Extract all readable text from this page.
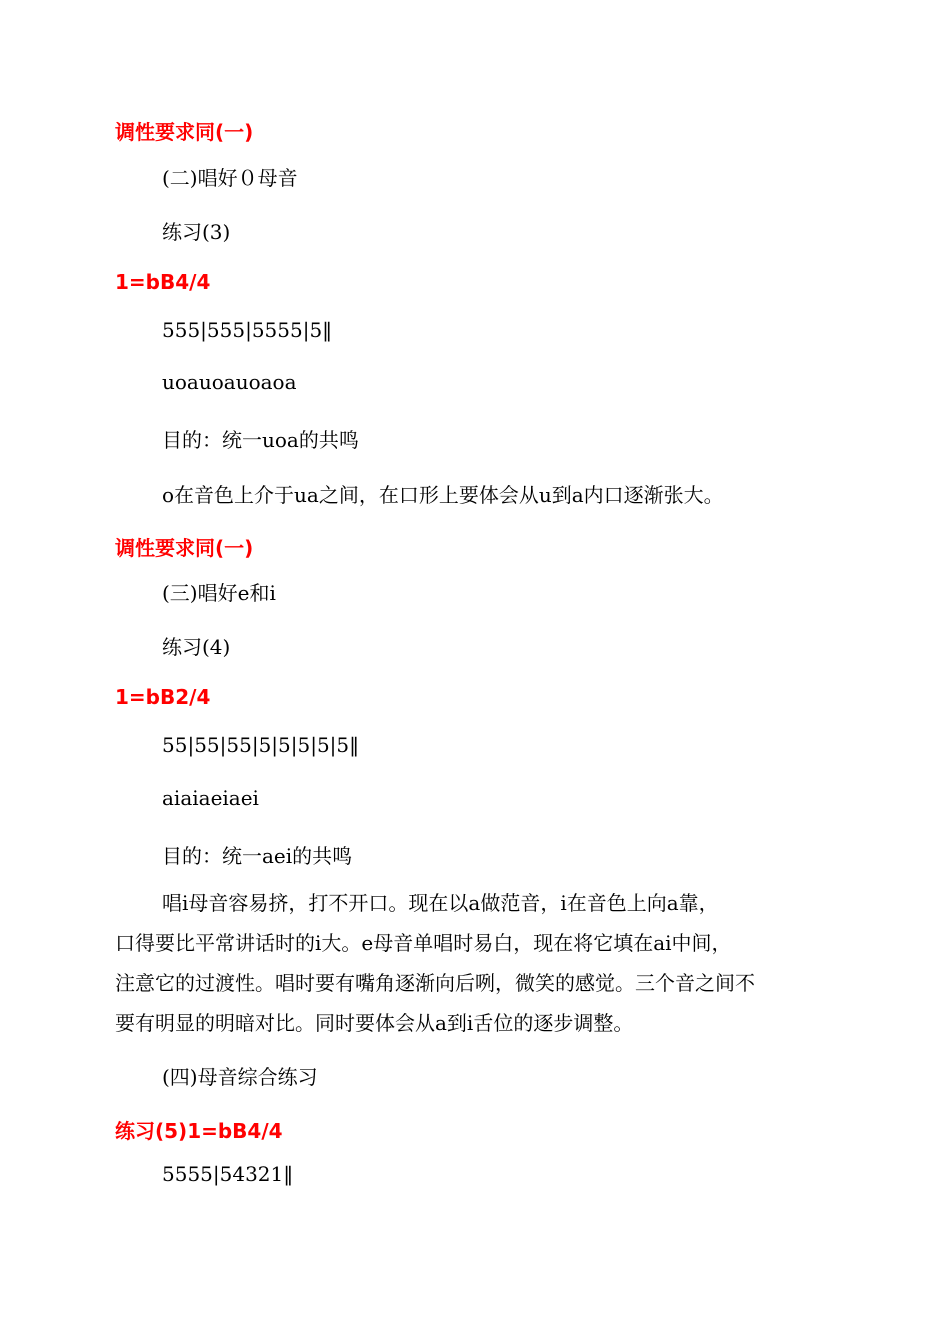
调性要求同(一)

(二)唱好０母音

练习(3)

1=bB4/4

555|555|5555|5‖

uoauoauoaoa

目的：统一uoa的共鸣

o在音色上介于ua之间，在口形上要体会从u到a内口逐渐张大。

调性要求同(一)

(三)唱好e和i

练习(4)

1=bB2/4

55|55|55|5|5|5|5|5‖

aiaiaeiaei

目的：统一aei的共鸣

唱i母音容易挤，打不开口。现在以a做范音，i在音色上向a靠，
口得要比平常讲话时的i大。e母音单唱时易白，现在将它填在ai中间，
注意它的过渡性。唱时要有嘴角逐渐向后咧，微笑的感觉。三个音之间不
要有明显的明暗对比。同时要体会从a到i舌位的逐步调整。

(四)母音综合练习

练习(5)1=bB4/4

5555|54321‖
